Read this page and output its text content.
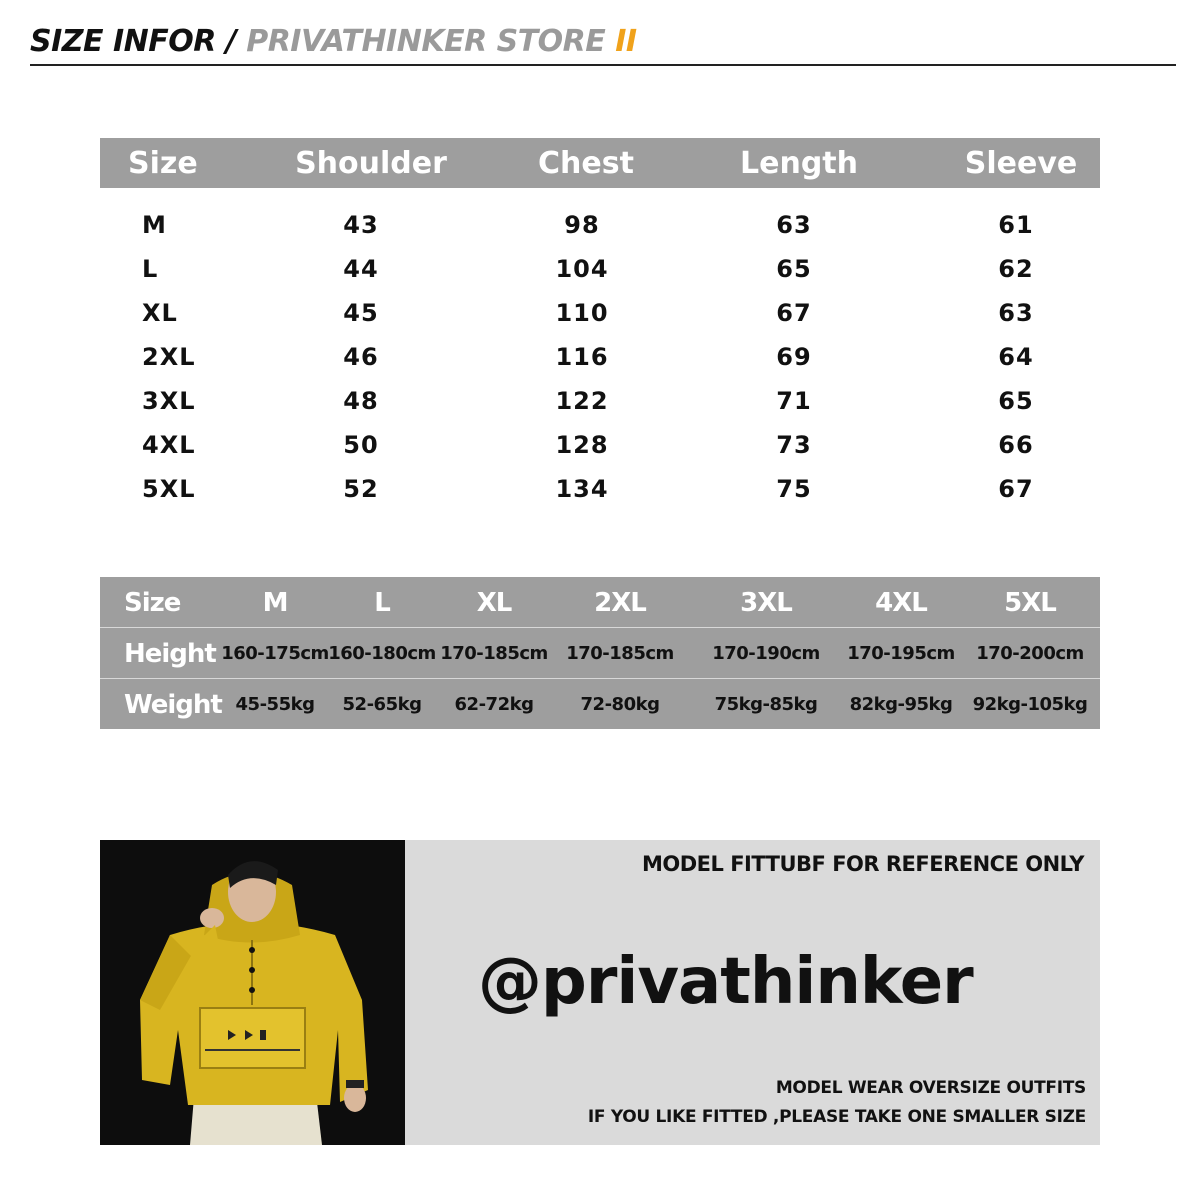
SIZE INFOR / PRIVATHINKER STORE II
Size	Shoulder	Chest	Length	Sleeve
M	43	98	63	61
L	44	104	65	62
XL	45	110	67	63
2XL	46	116	69	64
3XL	48	122	71	65
4XL	50	128	73	66
5XL	52	134	75	67
Size	M	L	XL	2XL	3XL	4XL	5XL
Height 160-175cm 160-180cm 170-185cm 170-185cm 170-190cm 170-195cm 170-200cm
Weight 45-55kg 52-65kg 62-72kg	72-80kg	75kg-85kg 82kg-95kg 92kg-105kg
MODEL FITTUBF FOR REFERENCE ONLY
@privathinker
MODEL WEAR OVERSIZE OUTFITS
IF YOU LIKE FITTED ,PLEASE TAKE ONE SMALLER SIZE
